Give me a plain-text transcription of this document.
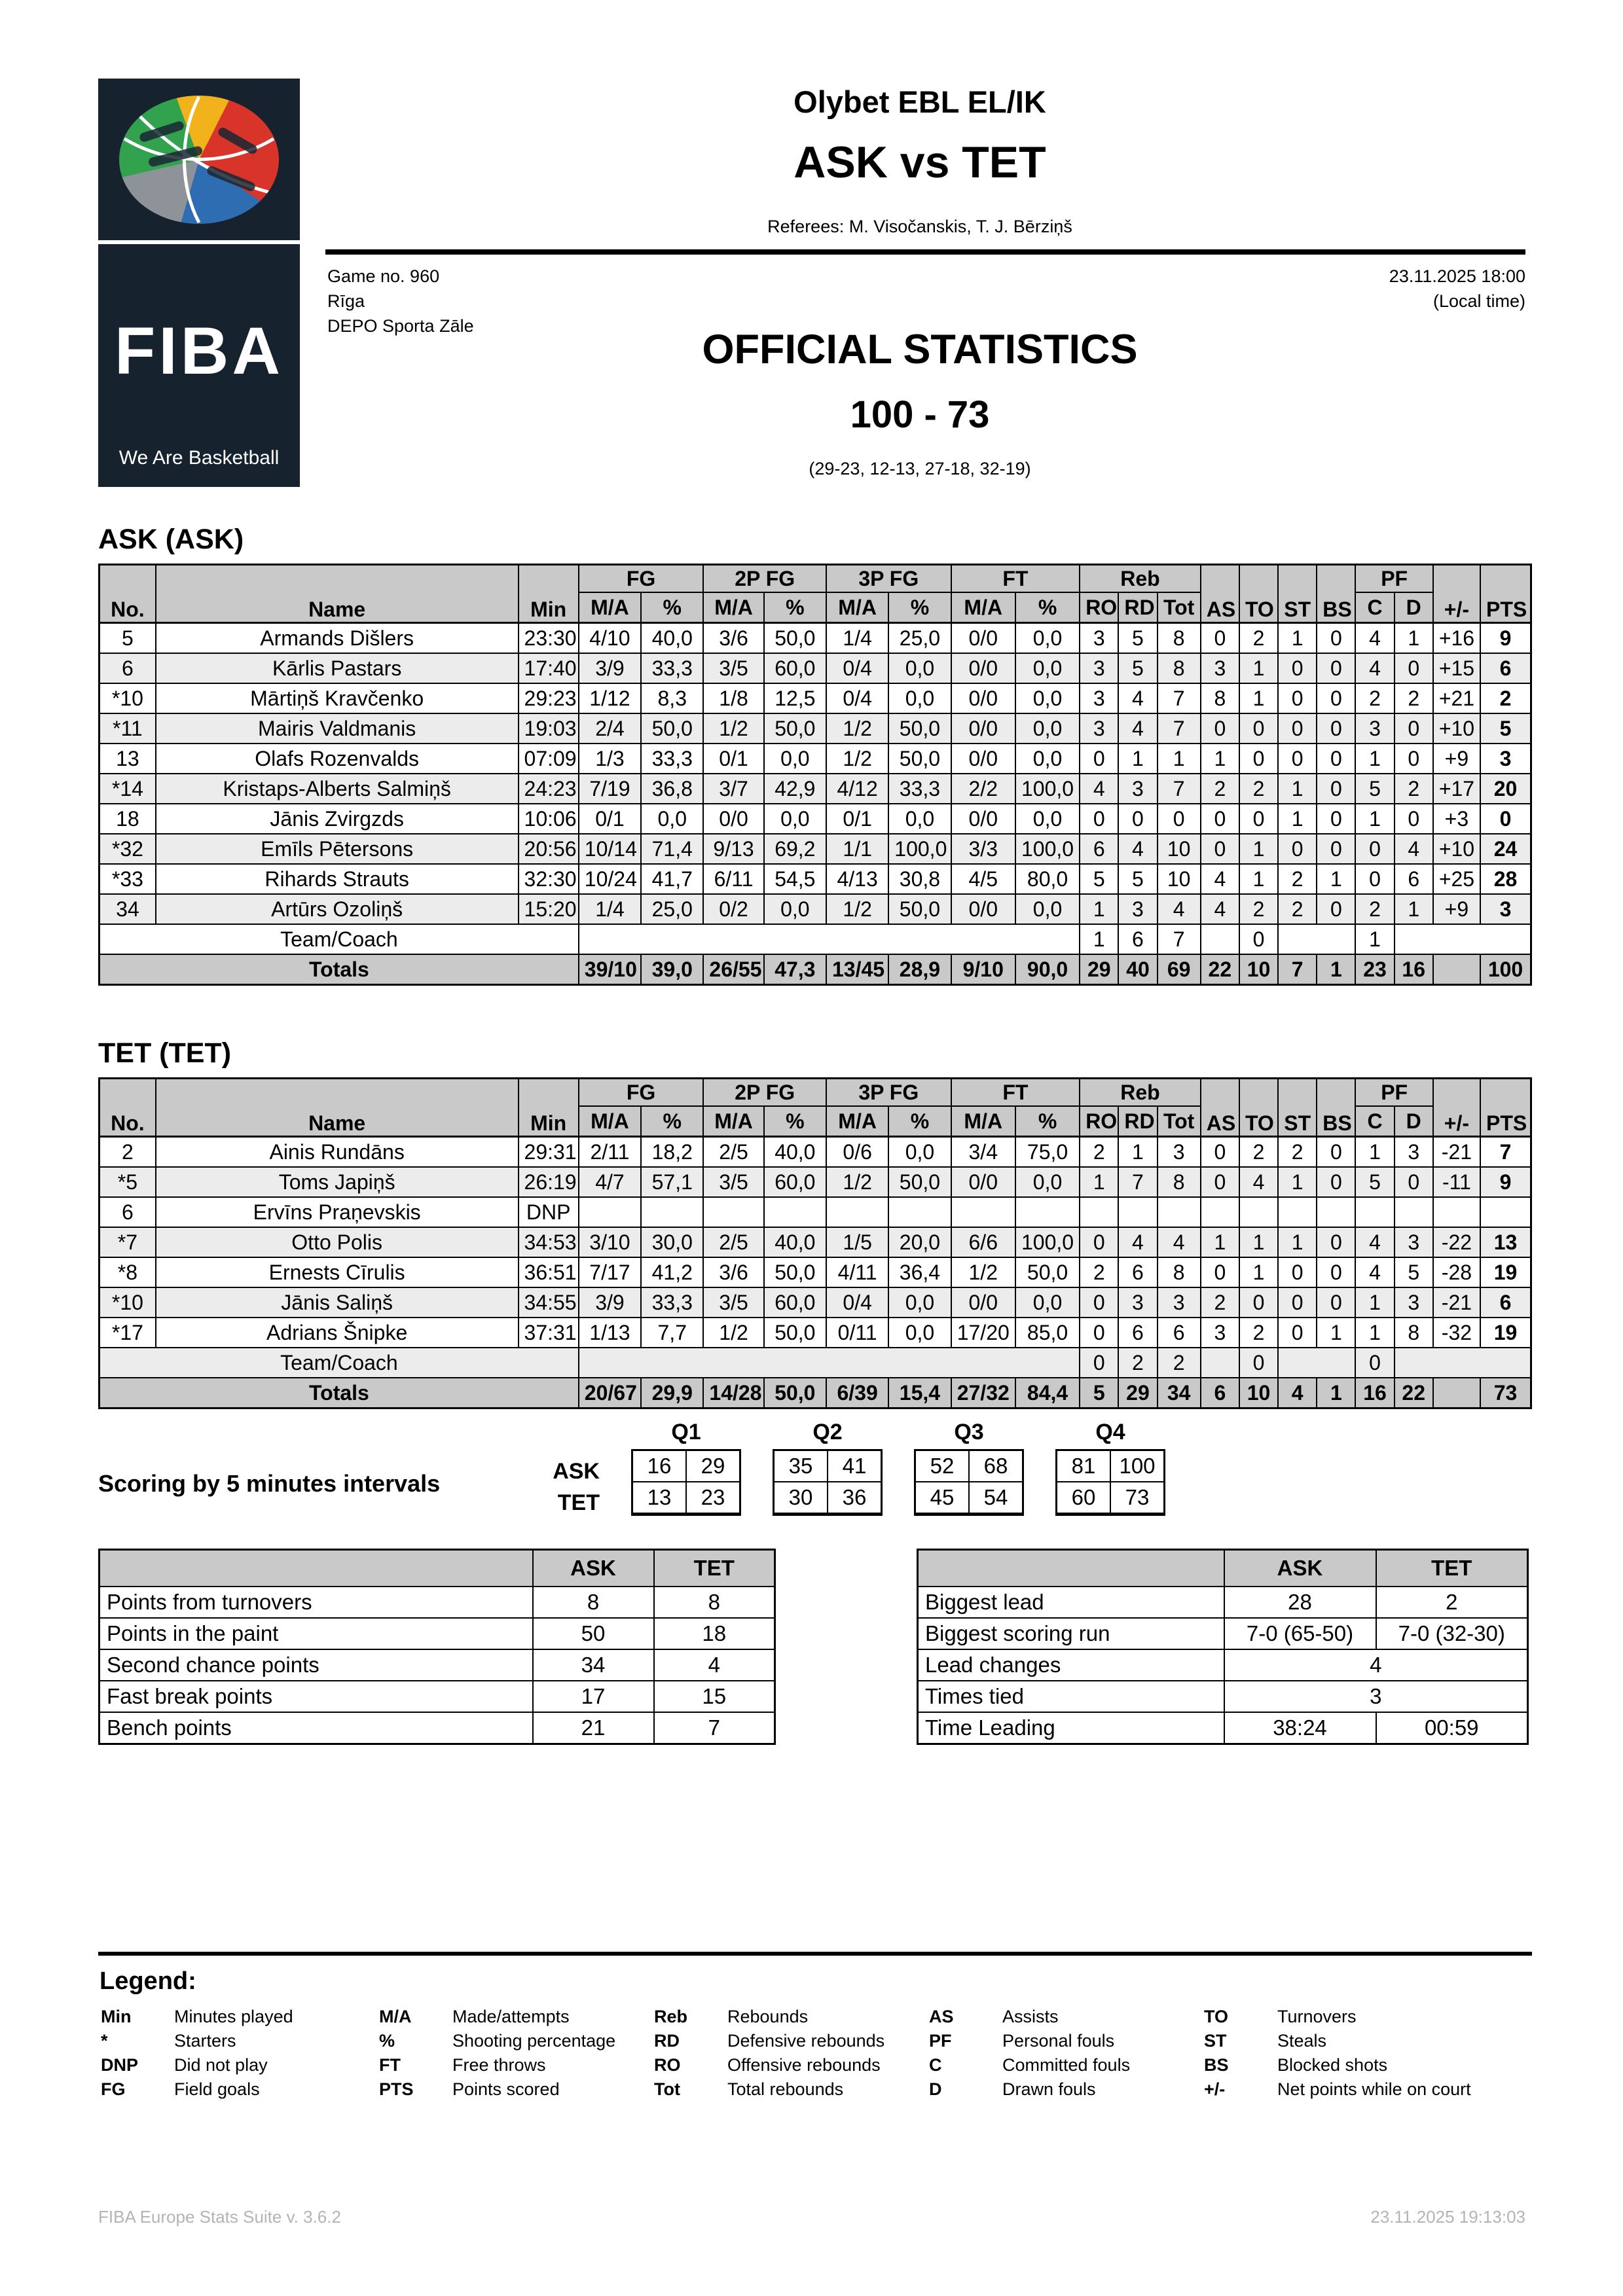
FIBA
We Are Basketball
Olybet EBL EL/IK
ASK vs TET
Referees: M. Visočanskis, T. J. Bērziņš
Game no. 960
Rīga
DEPO Sporta Zāle
23.11.2025 18:00
(Local time)
OFFICIAL STATISTICS
100 - 73
(29-23, 12-13, 27-18, 32-19)
ASK (ASK)
No.	Name	Min	FG		2P FG		3P FG		FT		Reb			AS	TO	ST	BS	PF		+/-	PTS
			M/A	%	M/A	%	M/A	%	M/A	%	RO	RD	Tot					C	D		
5	Armands Dišlers	23:30	4/10	40,0	3/6	50,0	1/4	25,0	0/0	0,0	3	5	8	0	2	1	0	4	1	+16	9
6	Kārlis Pastars	17:40	3/9	33,3	3/5	60,0	0/4	0,0	0/0	0,0	3	5	8	3	1	0	0	4	0	+15	6
*10	Mārtiņš Kravčenko	29:23	1/12	8,3	1/8	12,5	0/4	0,0	0/0	0,0	3	4	7	8	1	0	0	2	2	+21	2
*11	Mairis Valdmanis	19:03	2/4	50,0	1/2	50,0	1/2	50,0	0/0	0,0	3	4	7	0	0	0	0	3	0	+10	5
13	Olafs Rozenvalds	07:09	1/3	33,3	0/1	0,0	1/2	50,0	0/0	0,0	0	1	1	1	0	0	0	1	0	+9	3
*14	Kristaps-Alberts Salmiņš	24:23	7/19	36,8	3/7	42,9	4/12	33,3	2/2	100,0	4	3	7	2	2	1	0	5	2	+17	20
18	Jānis Zvirgzds	10:06	0/1	0,0	0/0	0,0	0/1	0,0	0/0	0,0	0	0	0	0	0	1	0	1	0	+3	0
*32	Emīls Pētersons	20:56	10/14	71,4	9/13	69,2	1/1	100,0	3/3	100,0	6	4	10	0	1	0	0	0	4	+10	24
*33	Rihards Strauts	32:30	10/24	41,7	6/11	54,5	4/13	30,8	4/5	80,0	5	5	10	4	1	2	1	0	6	+25	28
34	Artūrs Ozoliņš	15:20	1/4	25,0	0/2	0,0	1/2	50,0	0/0	0,0	1	3	4	4	2	2	0	2	1	+9	3
Team/Coach											1	6	7		0			1			
Totals			39/10	39,0	26/55	47,3	13/45	28,9	9/10	90,0	29	40	69	22	10	7	1	23	16		100
TET (TET)
No.	Name	Min	FG		2P FG		3P FG		FT		Reb			AS	TO	ST	BS	PF		+/-	PTS
			M/A	%	M/A	%	M/A	%	M/A	%	RO	RD	Tot					C	D		
2	Ainis Rundāns	29:31	2/11	18,2	2/5	40,0	0/6	0,0	3/4	75,0	2	1	3	0	2	2	0	1	3	-21	7
*5	Toms Japiņš	26:19	4/7	57,1	3/5	60,0	1/2	50,0	0/0	0,0	1	7	8	0	4	1	0	5	0	-11	9
6	Ervīns Praņevskis	DNP																			
*7	Otto Polis	34:53	3/10	30,0	2/5	40,0	1/5	20,0	6/6	100,0	0	4	4	1	1	1	0	4	3	-22	13
*8	Ernests Cīrulis	36:51	7/17	41,2	3/6	50,0	4/11	36,4	1/2	50,0	2	6	8	0	1	0	0	4	5	-28	19
*10	Jānis Saliņš	34:55	3/9	33,3	3/5	60,0	0/4	0,0	0/0	0,0	0	3	3	2	0	0	0	1	3	-21	6
*17	Adrians Šnipke	37:31	1/13	7,7	1/2	50,0	0/11	0,0	17/20	85,0	0	6	6	3	2	0	1	1	8	-32	19
Team/Coach											0	2	2		0			0			
Totals			20/67	29,9	14/28	50,0	6/39	15,4	27/32	84,4	5	29	34	6	10	4	1	16	22		73
Scoring by 5 minutes intervals	ASK
TET
Q1
16	29
13	23
Q2
35	41
30	36
Q3
52	68
45	54
Q4
81	100
60	73
	ASK	TET
Points from turnovers	8	8
Points in the paint	50	18
Second chance points	34	4
Fast break points	17	15
Bench points	21	7
	ASK	TET
Biggest lead	28	2
Biggest scoring run	7-0 (65-50)	7-0 (32-30)
Lead changes	4	
Times tied	3	
Time Leading	38:24	00:59
Legend:
Min	Minutes played
*	Starters
DNP	Did not play
FG	Field goals
M/A	Made/attempts
%	Shooting percentage
FT	Free throws
PTS	Points scored
Reb	Rebounds
RD	Defensive rebounds
RO	Offensive rebounds
Tot	Total rebounds
AS	Assists
PF	Personal fouls
C	Committed fouls
D	Drawn fouls
TO	Turnovers
ST	Steals
BS	Blocked shots
+/-	Net points while on court
FIBA Europe Stats Suite v. 3.6.2	23.11.2025 19:13:03
